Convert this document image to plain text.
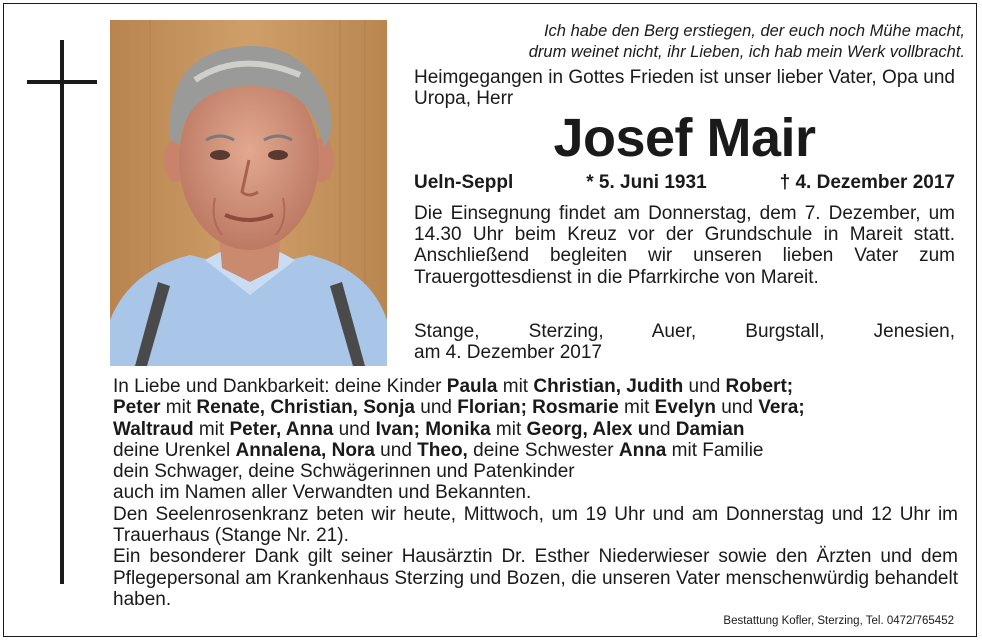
Ich habe den Berg erstiegen, der euch noch Mühe macht,
drum weinet nicht, ihr Lieben, ich hab mein Werk vollbracht.
Heimgegangen in Gottes Frieden ist unser lieber Vater, Opa und Uropa, Herr
Josef Mair
Ueln-Seppl	* 5. Juni 1931	† 4. Dezember 2017
Die Einsegnung findet am Donnerstag, dem 7. Dezember, um 14.30 Uhr beim Kreuz vor der Grundschule in Mareit statt. Anschließend begleiten wir unseren lieben Vater zum Trauergottesdienst in die Pfarrkirche von Mareit.
Stange, Sterzing, Auer, Burgstall, Jenesien,
am 4. Dezember 2017
In Liebe und Dankbarkeit: deine Kinder Paula mit Christian, Judith und Robert;
Peter mit Renate, Christian, Sonja und Florian; Rosmarie mit Evelyn und Vera;
Waltraud mit Peter, Anna und Ivan; Monika mit Georg, Alex und Damian
deine Urenkel Annalena, Nora und Theo, deine Schwester Anna mit Familie
dein Schwager, deine Schwägerinnen und Patenkinder
auch im Namen aller Verwandten und Bekannten.

Den Seelenrosenkranz beten wir heute, Mittwoch, um 19 Uhr und am Donnerstag und 12 Uhr im Trauerhaus (Stange Nr. 21).

Ein besonderer Dank gilt seiner Hausärztin Dr. Esther Niederwieser sowie den Ärzten und dem Pflegepersonal am Krankenhaus Sterzing und Bozen, die unseren Vater menschenwürdig behandelt haben.

Bestattung Kofler, Sterzing, Tel. 0472/765452
